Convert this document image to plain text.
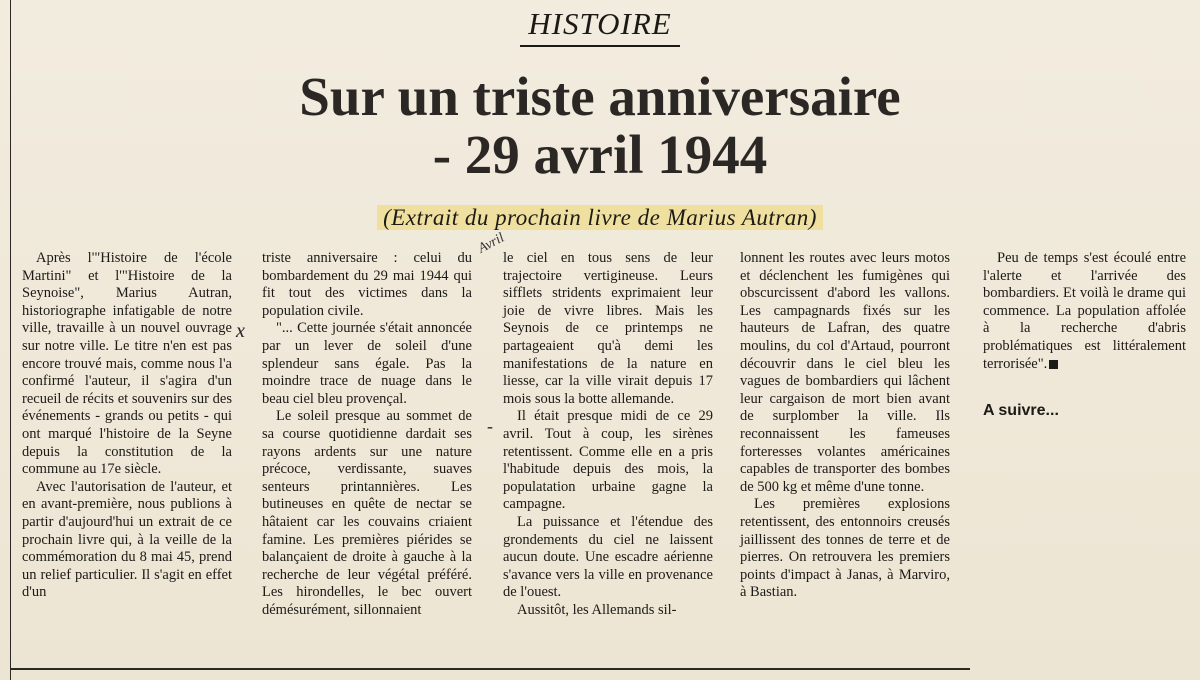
HISTOIRE
Sur un triste anniversaire
- 29 avril 1944
(Extrait du prochain livre de Marius Autran)

Après l'"Histoire de l'école Martini" et l'"Histoire de la Seynoise", Marius Autran, historiographe infatigable de notre ville, travaille à un nouvel ouvrage sur notre ville. Le titre n'en est pas encore trouvé mais, comme nous l'a confirmé l'auteur, il s'agira d'un recueil de récits et souvenirs sur des événements - grands ou petits - qui ont marqué l'histoire de la Seyne depuis la constitution de la commune au 17e siècle.

Avec l'autorisation de l'auteur, et en avant-première, nous publions à partir d'aujourd'hui un extrait de ce prochain livre qui, à la veille de la commémoration du 8 mai 45, prend un relief particulier. Il s'agit en effet d'un

triste anniversaire : celui du bombardement du 29 mai 1944 qui fit tout des victimes dans la population civile.

"... Cette journée s'était annoncée par un lever de soleil d'une splendeur sans égale. Pas la moindre trace de nuage dans le beau ciel bleu provençal.

Le soleil presque au sommet de sa course quotidienne dardait ses rayons ardents sur une nature précoce, verdissante, suaves senteurs printannières. Les butineuses en quête de nectar se hâtaient car les couvains criaient famine. Les premières piérides se balançaient de droite à gauche à la recherche de leur végétal préféré. Les hirondelles, le bec ouvert démésurément, sillonnaient

le ciel en tous sens de leur trajectoire vertigineuse. Leurs sifflets stridents exprimaient leur joie de vivre libres. Mais les Seynois de ce printemps ne partageaient qu'à demi les manifestations de la nature en liesse, car la ville virait depuis 17 mois sous la botte allemande.

Il était presque midi de ce 29 avril. Tout à coup, les sirènes retentissent. Comme elle en a pris l'habitude depuis des mois, la populatation urbaine gagne la campagne.

La puissance et l'étendue des grondements du ciel ne laissent aucun doute. Une escadre aérienne s'avance vers la ville en provenance de l'ouest.

Aussitôt, les Allemands sil-

lonnent les routes avec leurs motos et déclenchent les fumigènes qui obscurcissent d'abord les vallons. Les campagnards fixés sur les hauteurs de Lafran, des quatre moulins, du col d'Artaud, pourront découvrir dans le ciel bleu les vagues de bombardiers qui lâchent leur cargaison de mort bien avant de surplomber la ville. Ils reconnaissent les fameuses forteresses volantes américaines capables de transporter des bombes de 500 kg et même d'une tonne.

Les premières explosions retentissent, des entonnoirs creusés jaillissent des tonnes de terre et de pierres. On retrouvera les premiers points d'impact à Janas, à Marviro, à Bastian.

Peu de temps s'est écoulé entre l'alerte et l'arrivée des bombardiers. Et voilà le drame qui commence. La population affolée à la recherche d'abris problématiques est littéralement terrorisée".

A suivre...
x
Avril
-
